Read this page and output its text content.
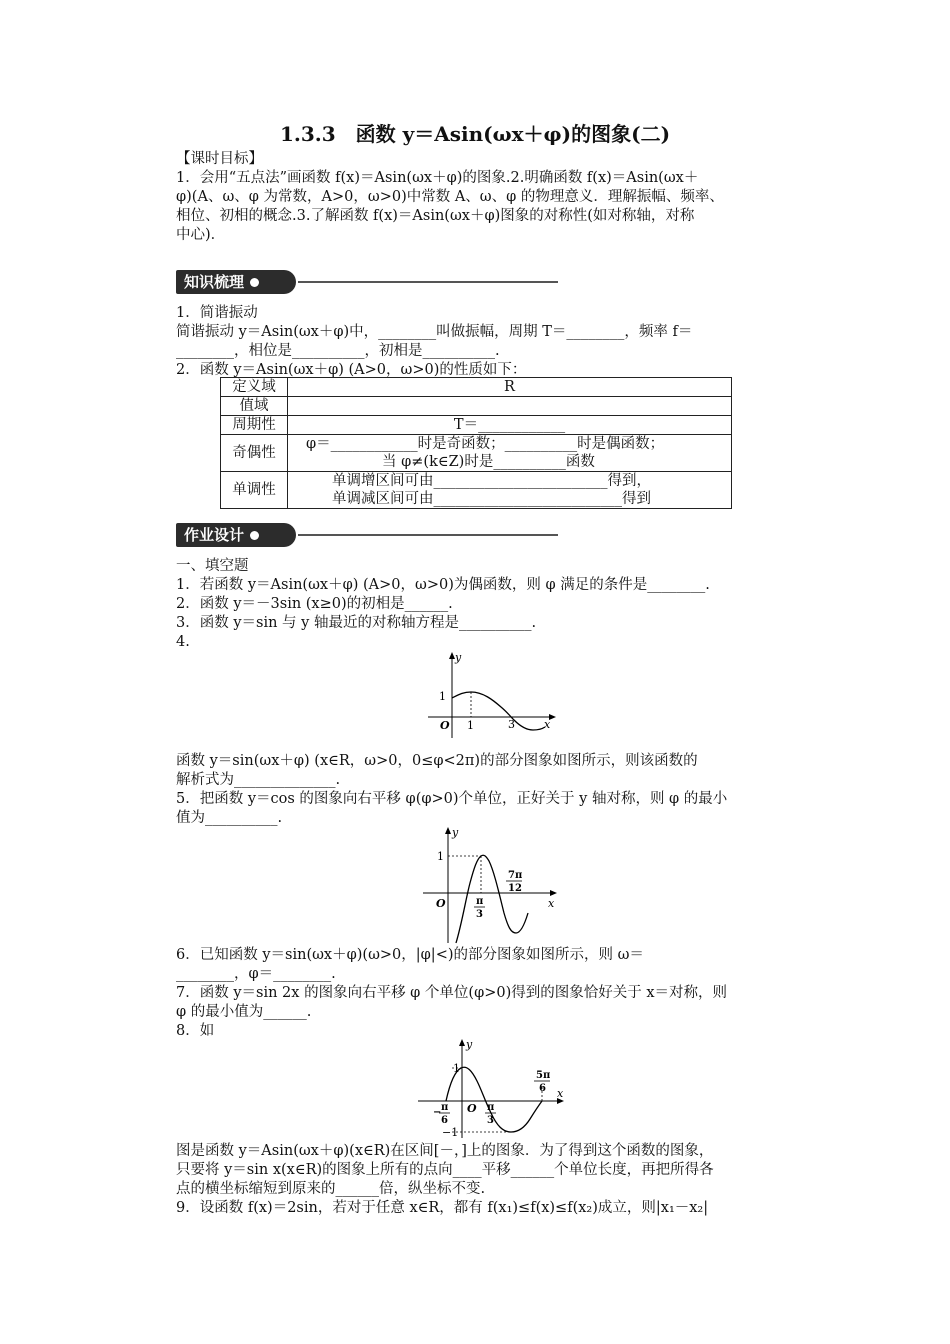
1.3.3　函数 y＝Asin(ωx＋φ)的图象(二)
【课时目标】
1．会用“五点法”画函数 f(x)＝Asin(ωx＋φ)的图象.2.明确函数 f(x)＝Asin(ωx＋
φ)(A、ω、φ 为常数，A>0，ω>0)中常数 A、ω、φ 的物理意义．理解振幅、频率、
相位、初相的概念.3.了解函数 f(x)＝Asin(ωx＋φ)图象的对称性(如对称轴，对称
中心)．
知识梳理
1．简谐振动
简谐振动 y＝Asin(ωx＋φ)中，________叫做振幅，周期 T＝________，频率 f＝
________，相位是__________，初相是__________.
2．函数 y＝Asin(ωx＋φ) (A>0，ω>0)的性质如下：
定义域	R
值域	
周期性	T＝____________
奇偶性	φ＝____________时是奇函数；__________时是偶函数；
当 φ≠(k∈Z)时是__________函数

单调性	单调增区间可由________________________得到，
单调减区间可由__________________________得到
作业设计
一、填空题
1．若函数 y＝Asin(ωx＋φ) (A>0，ω>0)为偶函数，则 φ 满足的条件是________.
2．函数 y＝－3sin (x≥0)的初相是______.
3．函数 y＝sin 与 y 轴最近的对称轴方程是__________.
4.
1
1	3
O	x
y
函数 y＝sin(ωx＋φ) (x∈R，ω>0，0≤φ<2π)的部分图象如图所示，则该函数的
解析式为______________.
5．把函数 y＝cos 的图象向右平移 φ(φ>0)个单位，正好关于 y 轴对称，则 φ 的最小
值为__________.
1
π
3
7π
12
O	x
y
6．已知函数 y＝sin(ωx＋φ)(ω>0，|φ|<)的部分图象如图所示，则 ω＝
________，φ＝________.
7．函数 y＝sin 2x 的图象向右平移 φ 个单位(φ>0)得到的图象恰好关于 x＝对称，则
φ 的最小值为______.
8．如
1
−1
− π
6
π
3
5π
6
O
x
y
图是函数 y＝Asin(ωx＋φ)(x∈R)在区间[－，]上的图象．为了得到这个函数的图象，
只要将 y＝sin x(x∈R)的图象上所有的点向____平移______个单位长度，再把所得各
点的横坐标缩短到原来的______倍，纵坐标不变.
9．设函数 f(x)＝2sin，若对于任意 x∈R，都有 f(x₁)≤f(x)≤f(x₂)成立，则|x₁－x₂|
